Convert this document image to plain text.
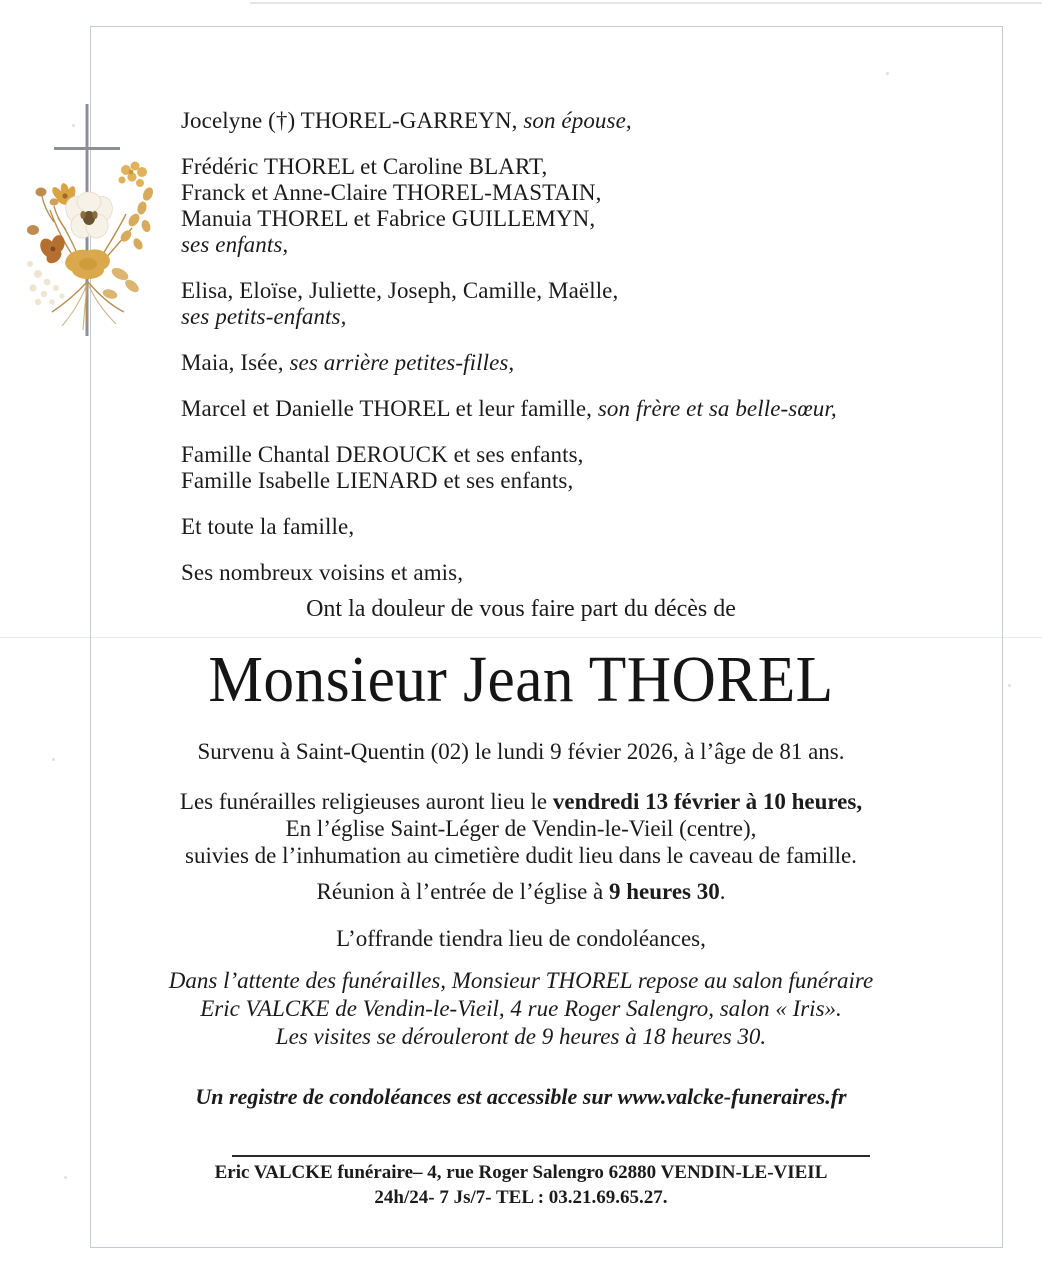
Jocelyne (†) THOREL-GARREYN, son épouse,
Frédéric THOREL et Caroline BLART,
Franck et Anne-Claire THOREL-MASTAIN,
Manuia THOREL et Fabrice GUILLEMYN,
ses enfants,
Elisa, Eloïse, Juliette, Joseph, Camille, Maëlle,
ses petits-enfants,
Maia, Isée, ses arrière petites-filles,
Marcel et Danielle THOREL et leur famille, son frère et sa belle-sœur,
Famille Chantal DEROUCK et ses enfants,
Famille Isabelle LIENARD et ses enfants,
Et toute la famille,
Ses nombreux voisins et amis,
Ont la douleur de vous faire part du décès de
Monsieur Jean THOREL
Survenu à Saint-Quentin (02) le lundi 9 févier 2026, à l’âge de 81 ans.
Les funérailles religieuses auront lieu le vendredi 13 février à 10 heures,
En l’église Saint-Léger de Vendin-le-Vieil (centre),
suivies de l’inhumation au cimetière dudit lieu dans le caveau de famille.
Réunion à l’entrée de l’église à 9 heures 30.
L’offrande tiendra lieu de condoléances,
Dans l’attente des funérailles, Monsieur THOREL repose au salon funéraire
Eric VALCKE de Vendin-le-Vieil, 4 rue Roger Salengro, salon « Iris».
Les visites se dérouleront de 9 heures à 18 heures 30.
Un registre de condoléances est accessible sur www.valcke-funeraires.fr
Eric VALCKE funéraire– 4, rue Roger Salengro 62880 VENDIN-LE-VIEIL
24h/24- 7 Js/7- TEL : 03.21.69.65.27.
